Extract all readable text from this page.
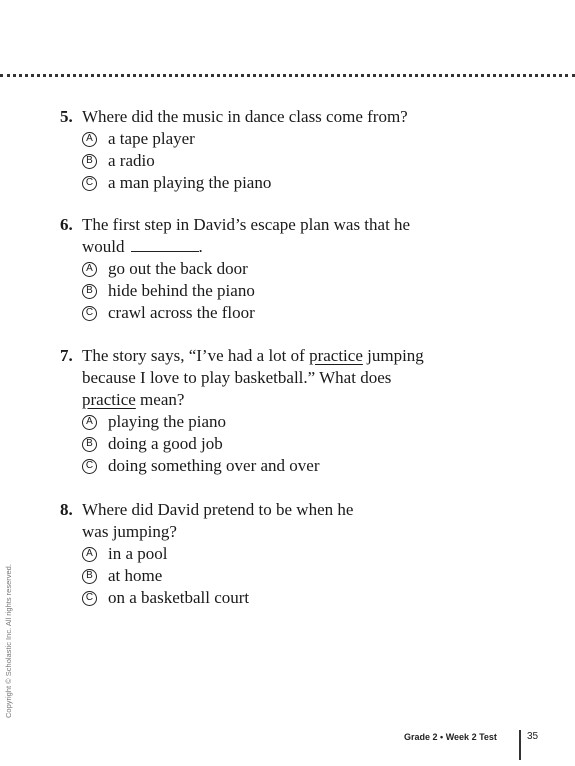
5. Where did the music in dance class come from?
A a tape player
B a radio
C a man playing the piano
6. The first step in David’s escape plan was that he
would	.
A go out the back door
B hide behind the piano
C crawl across the floor
7. The story says, “I’ve had a lot of practice jumping
because I love to play basketball.” What does
practice mean?
A playing the piano
B doing a good job
C doing something over and over
8. Where did David pretend to be when he
was jumping?
A in a pool
B at home
C on a basketball court
Copyright © Scholastic Inc. All rights reserved.
Grade 2 • Week 2 Test	35
